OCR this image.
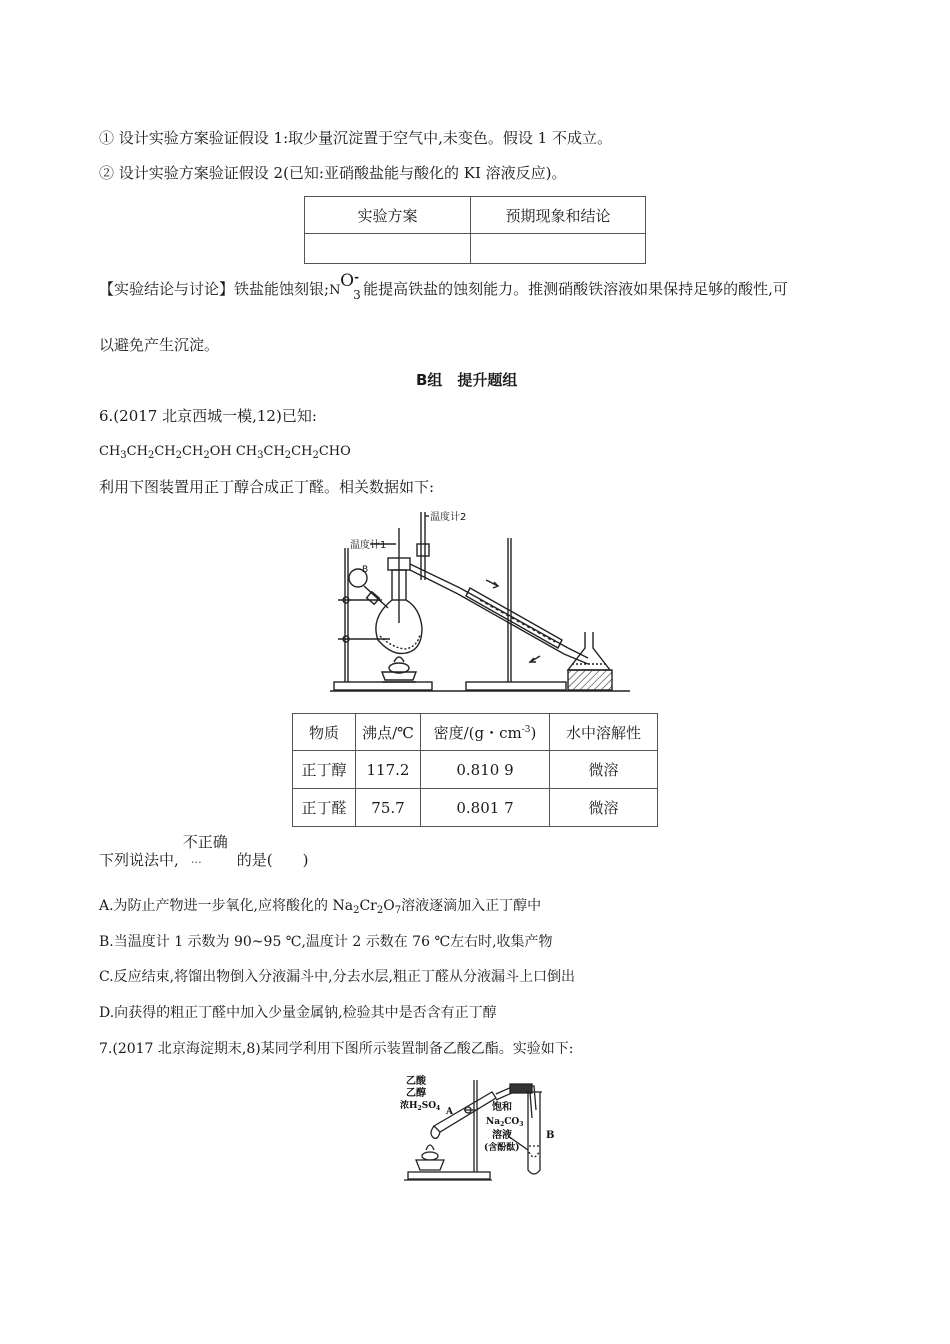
① 设计实验方案验证假设 1:取少量沉淀置于空气中,未变色。假设 1 不成立。
② 设计实验方案验证假设 2(已知:亚硝酸盐能与酸化的 KI 溶液反应)。
实验方案	预期现象和结论

【实验结论与讨论】铁盐能蚀刻银; N O -
3 能提高铁盐的蚀刻能力。推测硝酸铁溶液如果保持足够的酸性,可
以避免产生沉淀。
B组　提升题组
6.(2017 北京西城一模,12)已知:
$CH_3CH_2CH_2CH_2OH$ $CH_3CH_2CH_2CHO$
利用下图装置用正丁醇合成正丁醛。相关数据如下:
温度计1
温度计2
B
物质	沸点/℃	密度/(g・$cm^{-3}$)	水中溶解性
正丁醇	117.2	0.810 9	微溶
正丁醛	75.7	0.801 7	微溶
下列说法中,
不正确
… 的是(　　)
A.为防止产物进一步氧化,应将酸化的 $Na_2Cr_2O_7$溶液逐滴加入正丁醇中
B.当温度计 1 示数为 90~95 ℃,温度计 2 示数在 76 ℃左右时,收集产物
C.反应结束,将馏出物倒入分液漏斗中,分去水层,粗正丁醛从分液漏斗上口倒出
D.向获得的粗正丁醛中加入少量金属钠,检验其中是否含有正丁醇
7.(2017 北京海淀期末,8)某同学利用下图所示装置制备乙酸乙酯。实验如下:
乙酸
乙醇
浓$H_2SO_4$ A	饱和
$Na_2CO_3$
溶液
(含酚酞)
B
